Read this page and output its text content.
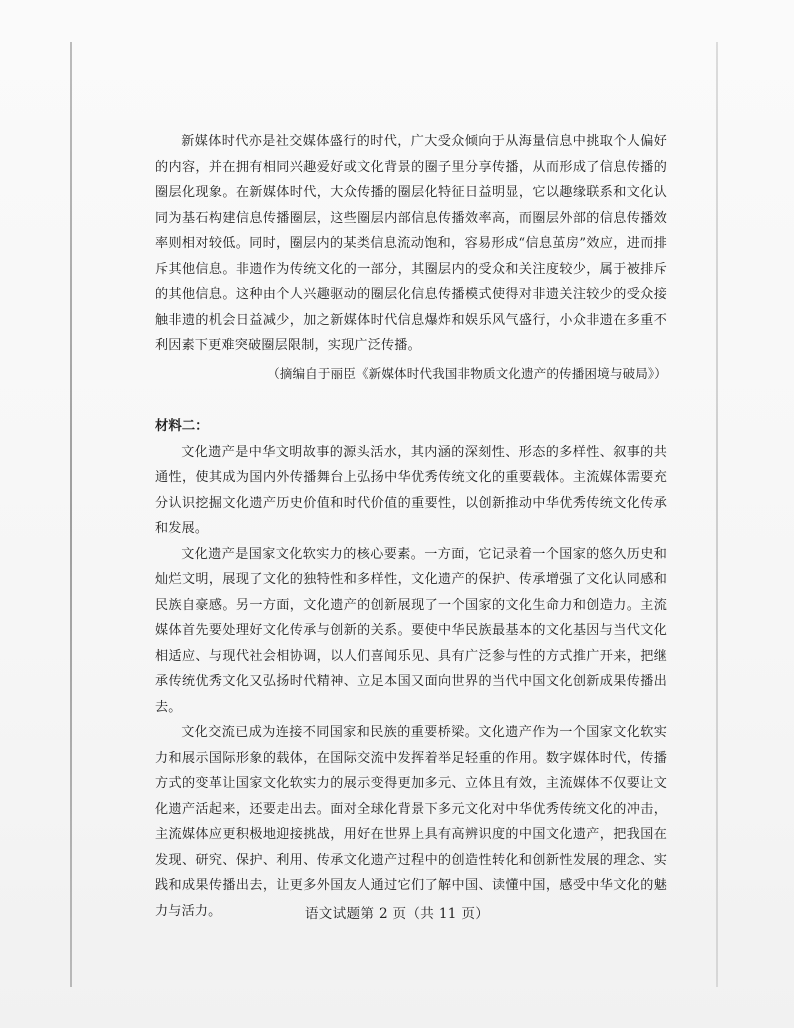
新媒体时代亦是社交媒体盛行的时代，广大受众倾向于从海量信息中挑取个人偏好的内容，并在拥有相同兴趣爱好或文化背景的圈子里分享传播，从而形成了信息传播的圈层化现象。在新媒体时代，大众传播的圈层化特征日益明显，它以趣缘联系和文化认同为基石构建信息传播圈层，这些圈层内部信息传播效率高，而圈层外部的信息传播效率则相对较低。同时，圈层内的某类信息流动饱和，容易形成“信息茧房”效应，进而排斥其他信息。非遗作为传统文化的一部分，其圈层内的受众和关注度较少，属于被排斥的其他信息。这种由个人兴趣驱动的圈层化信息传播模式使得对非遗关注较少的受众接触非遗的机会日益减少，加之新媒体时代信息爆炸和娱乐风气盛行，小众非遗在多重不利因素下更难突破圈层限制，实现广泛传播。

（摘编自于丽臣《新媒体时代我国非物质文化遗产的传播困境与破局》）

材料二：

文化遗产是中华文明故事的源头活水，其内涵的深刻性、形态的多样性、叙事的共通性，使其成为国内外传播舞台上弘扬中华优秀传统文化的重要载体。主流媒体需要充分认识挖掘文化遗产历史价值和时代价值的重要性，以创新推动中华优秀传统文化传承和发展。

文化遗产是国家文化软实力的核心要素。一方面，它记录着一个国家的悠久历史和灿烂文明，展现了文化的独特性和多样性，文化遗产的保护、传承增强了文化认同感和民族自豪感。另一方面，文化遗产的创新展现了一个国家的文化生命力和创造力。主流媒体首先要处理好文化传承与创新的关系。要使中华民族最基本的文化基因与当代文化相适应、与现代社会相协调，以人们喜闻乐见、具有广泛参与性的方式推广开来，把继承传统优秀文化又弘扬时代精神、立足本国又面向世界的当代中国文化创新成果传播出去。

文化交流已成为连接不同国家和民族的重要桥梁。文化遗产作为一个国家文化软实力和展示国际形象的载体，在国际交流中发挥着举足轻重的作用。数字媒体时代，传播方式的变革让国家文化软实力的展示变得更加多元、立体且有效，主流媒体不仅要让文化遗产活起来，还要走出去。面对全球化背景下多元文化对中华优秀传统文化的冲击，主流媒体应更积极地迎接挑战，用好在世界上具有高辨识度的中国文化遗产，把我国在发现、研究、保护、利用、传承文化遗产过程中的创造性转化和创新性发展的理念、实践和成果传播出去，让更多外国友人通过它们了解中国、读懂中国，感受中华文化的魅力与活力。	语文试题第 2 页（共 11 页）
